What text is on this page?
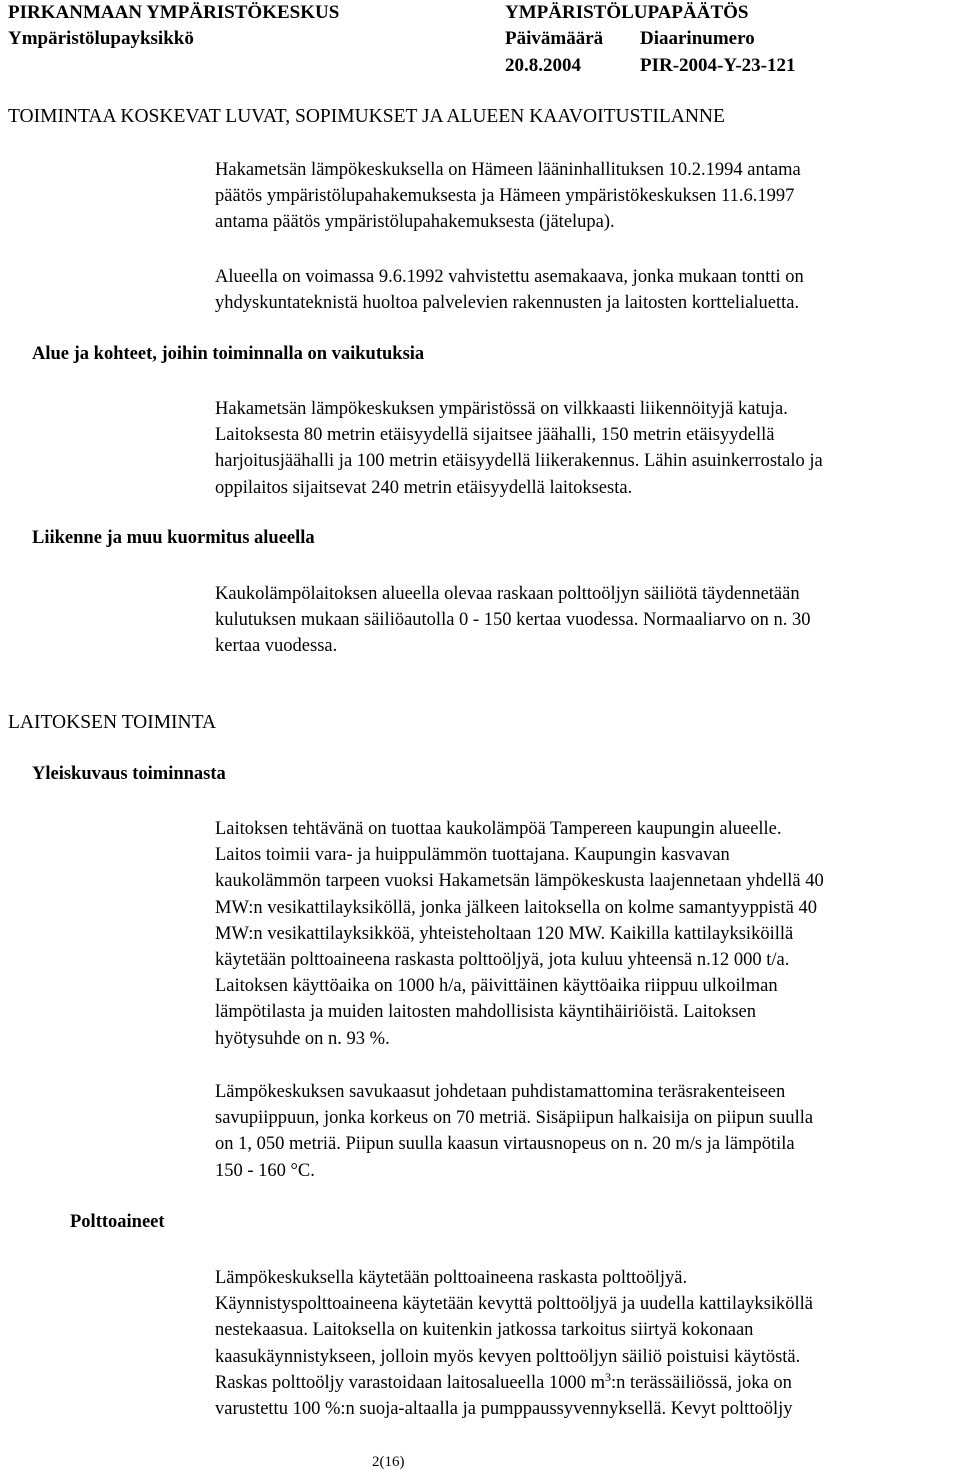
PIRKANMAAN YMPÄRISTÖKESKUS
Ympäristölupayksikkö
YMPÄRISTÖLUPAPÄÄTÖS
Päivämäärä Diaarinumero
20.8.2004	PIR-2004-Y-23-121
TOIMINTAA KOSKEVAT LUVAT, SOPIMUKSET JA ALUEEN KAAVOITUSTILANNE
Hakametsän lämpökeskuksella on Hämeen lääninhallituksen 10.2.1994 antama
päätös ympäristölupahakemuksesta ja Hämeen ympäristökeskuksen 11.6.1997
antama päätös ympäristölupahakemuksesta (jätelupa).
Alueella on voimassa 9.6.1992 vahvistettu asemakaava, jonka mukaan tontti on
yhdyskuntateknistä huoltoa palvelevien rakennusten ja laitosten korttelialuetta.
Alue ja kohteet, joihin toiminnalla on vaikutuksia
Hakametsän lämpökeskuksen ympäristössä on vilkkaasti liikennöityjä katuja.
Laitoksesta 80 metrin etäisyydellä sijaitsee jäähalli, 150 metrin etäisyydellä
harjoitusjäähalli ja 100 metrin etäisyydellä liikerakennus. Lähin asuinkerrostalo ja
oppilaitos sijaitsevat 240 metrin etäisyydellä laitoksesta.
Liikenne ja muu kuormitus alueella
Kaukolämpölaitoksen alueella olevaa raskaan polttoöljyn säiliötä täydennetään
kulutuksen mukaan säiliöautolla 0 - 150 kertaa vuodessa. Normaaliarvo on n. 30
kertaa vuodessa.
LAITOKSEN TOIMINTA
Yleiskuvaus toiminnasta
Laitoksen tehtävänä on tuottaa kaukolämpöä Tampereen kaupungin alueelle.
Laitos toimii vara- ja huippulämmön tuottajana. Kaupungin kasvavan
kaukolämmön tarpeen vuoksi Hakametsän lämpökeskusta laajennetaan yhdellä 40
MW:n vesikattilayksiköllä, jonka jälkeen laitoksella on kolme samantyyppistä 40
MW:n vesikattilayksikköä, yhteisteholtaan 120 MW. Kaikilla kattilayksiköillä
käytetään polttoaineena raskasta polttoöljyä, jota kuluu yhteensä n.12 000 t/a.
Laitoksen käyttöaika on 1000 h/a, päivittäinen käyttöaika riippuu ulkoilman
lämpötilasta ja muiden laitosten mahdollisista käyntihäiriöistä. Laitoksen
hyötysuhde on n. 93 %.
Lämpökeskuksen savukaasut johdetaan puhdistamattomina teräsrakenteiseen
savupiippuun, jonka korkeus on 70 metriä. Sisäpiipun halkaisija on piipun suulla
on 1, 050 metriä. Piipun suulla kaasun virtausnopeus on n. 20 m/s ja lämpötila
150 - 160 °C.
Polttoaineet
Lämpökeskuksella käytetään polttoaineena raskasta polttoöljyä.
Käynnistyspolttoaineena käytetään kevyttä polttoöljyä ja uudella kattilayksiköllä
nestekaasua. Laitoksella on kuitenkin jatkossa tarkoitus siirtyä kokonaan
kaasukäynnistykseen, jolloin myös kevyen polttoöljyn säiliö poistuisi käytöstä.
Raskas polttoöljy varastoidaan laitosalueella 1000 $m^3:n$ terässäiliössä, joka on
varustettu 100 %:n suoja-altaalla ja pumppaussyvennyksellä. Kevyt polttoöljy
2(16)
